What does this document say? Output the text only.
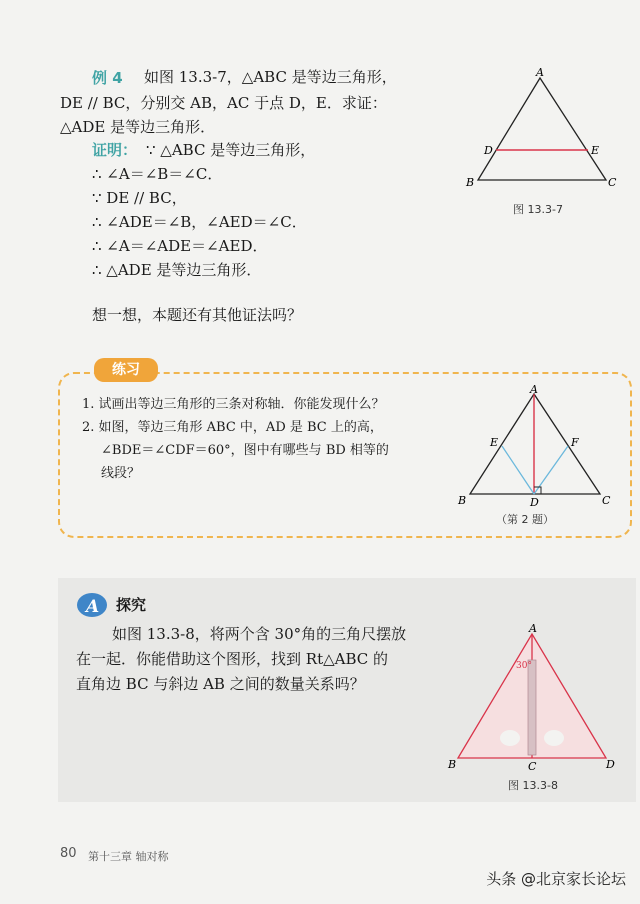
例 4 如图 13.3-7，△ABC 是等边三角形，
DE // BC，分别交 AB，AC 于点 D，E．求证：
△ADE 是等边三角形．
证明： ∵ △ABC 是等边三角形，
∴ ∠A＝∠B＝∠C．
∵ DE // BC，
∴ ∠ADE＝∠B，∠AED＝∠C．
∴ ∠A＝∠ADE＝∠AED．
∴ △ADE 是等边三角形．
想一想，本题还有其他证法吗？
A
B	C
D	E
图 13.3-7
练习
1. 试画出等边三角形的三条对称轴．你能发现什么？
2. 如图，等边三角形 ABC 中，AD 是 BC 上的高，
∠BDE＝∠CDF＝60°，图中有哪些与 BD 相等的
线段？
A
B	C
D
E	F
（第 2 题）
A 探究
如图 13.3-8，将两个含 30°角的三角尺摆放
在一起．你能借助这个图形，找到 Rt△ABC 的
直角边 BC 与斜边 AB 之间的数量关系吗？
30°
A
B	C	D
图 13.3-8
80 第十三章 轴对称
头条 @北京家长论坛
